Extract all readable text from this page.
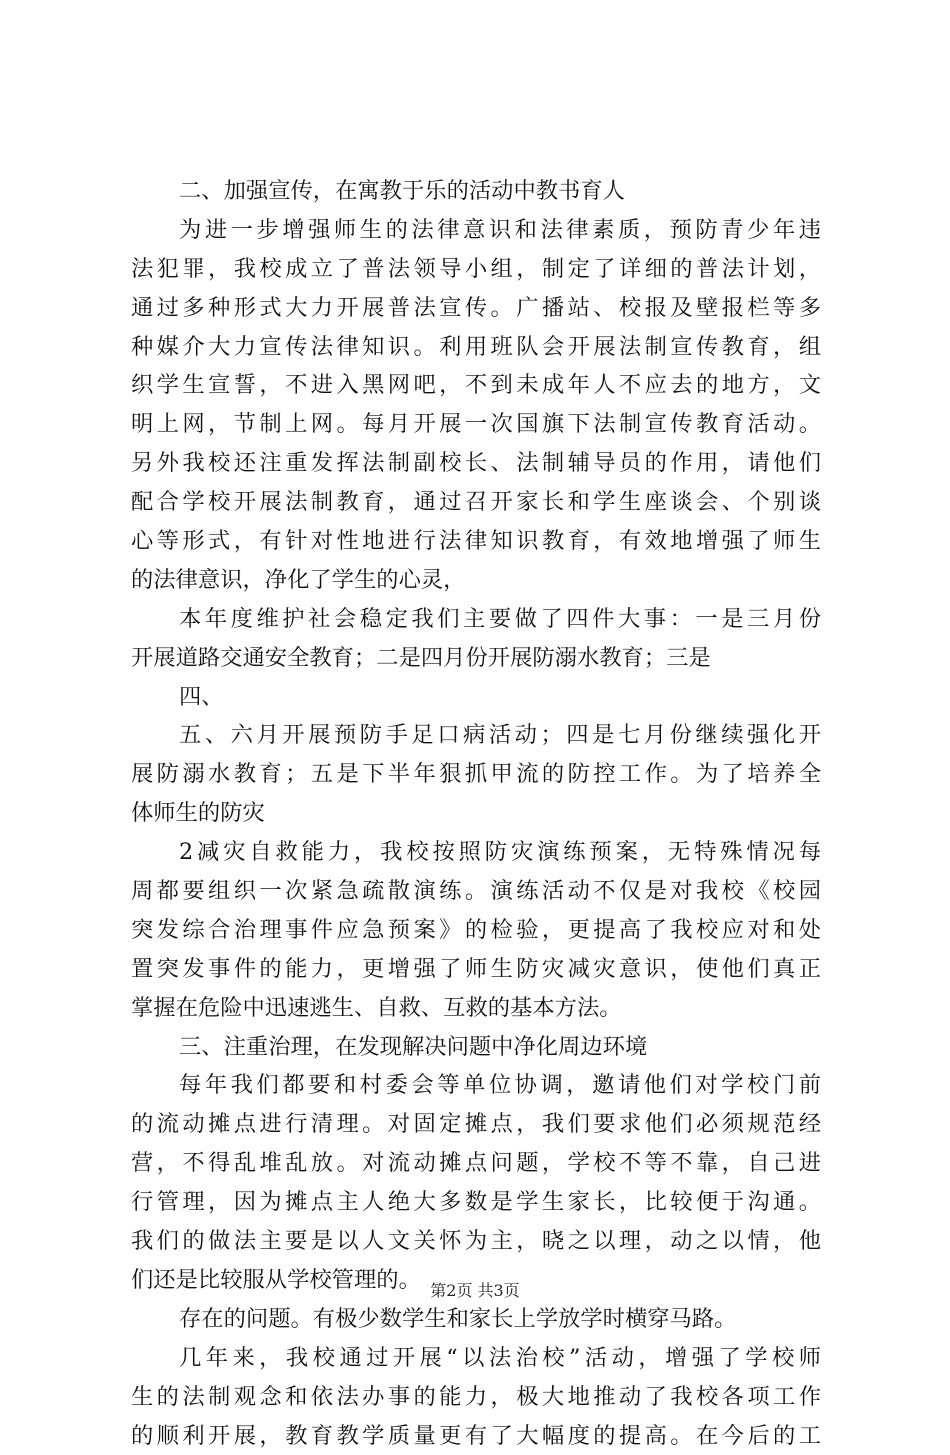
二、加强宣传，在寓教于乐的活动中教书育人
为进一步增强师生的法律意识和法律素质，预防青少年违
法犯罪，我校成立了普法领导小组，制定了详细的普法计划，
通过多种形式大力开展普法宣传。广播站、校报及壁报栏等多
种媒介大力宣传法律知识。利用班队会开展法制宣传教育，组
织学生宣誓，不进入黑网吧，不到未成年人不应去的地方，文
明上网，节制上网。每月开展一次国旗下法制宣传教育活动。
另外我校还注重发挥法制副校长、法制辅导员的作用，请他们
配合学校开展法制教育，通过召开家长和学生座谈会、个别谈
心等形式，有针对性地进行法律知识教育，有效地增强了师生
的法律意识，净化了学生的心灵，
本年度维护社会稳定我们主要做了四件大事：一是三月份
开展道路交通安全教育；二是四月份开展防溺水教育；三是
四、
五、六月开展预防手足口病活动；四是七月份继续强化开
展防溺水教育；五是下半年狠抓甲流的防控工作。为了培养全
体师生的防灾
2减灾自救能力，我校按照防灾演练预案，无特殊情况每
周都要组织一次紧急疏散演练。演练活动不仅是对我校《校园
突发综合治理事件应急预案》的检验，更提高了我校应对和处
置突发事件的能力，更增强了师生防灾减灾意识，使他们真正
掌握在危险中迅速逃生、自救、互救的基本方法。
三、注重治理，在发现解决问题中净化周边环境
每年我们都要和村委会等单位协调，邀请他们对学校门前
的流动摊点进行清理。对固定摊点，我们要求他们必须规范经
营，不得乱堆乱放。对流动摊点问题，学校不等不靠，自己进
行管理，因为摊点主人绝大多数是学生家长，比较便于沟通。
我们的做法主要是以人文关怀为主，晓之以理，动之以情，他
们还是比较服从学校管理的。
存在的问题。有极少数学生和家长上学放学时横穿马路。
几年来，我校通过开展“以法治校”活动，增强了学校师
生的法制观念和依法办事的能力，极大地推动了我校各项工作
的顺利开展，教育教学质量更有了大幅度的提高。在今后的工
第2页 共3页
